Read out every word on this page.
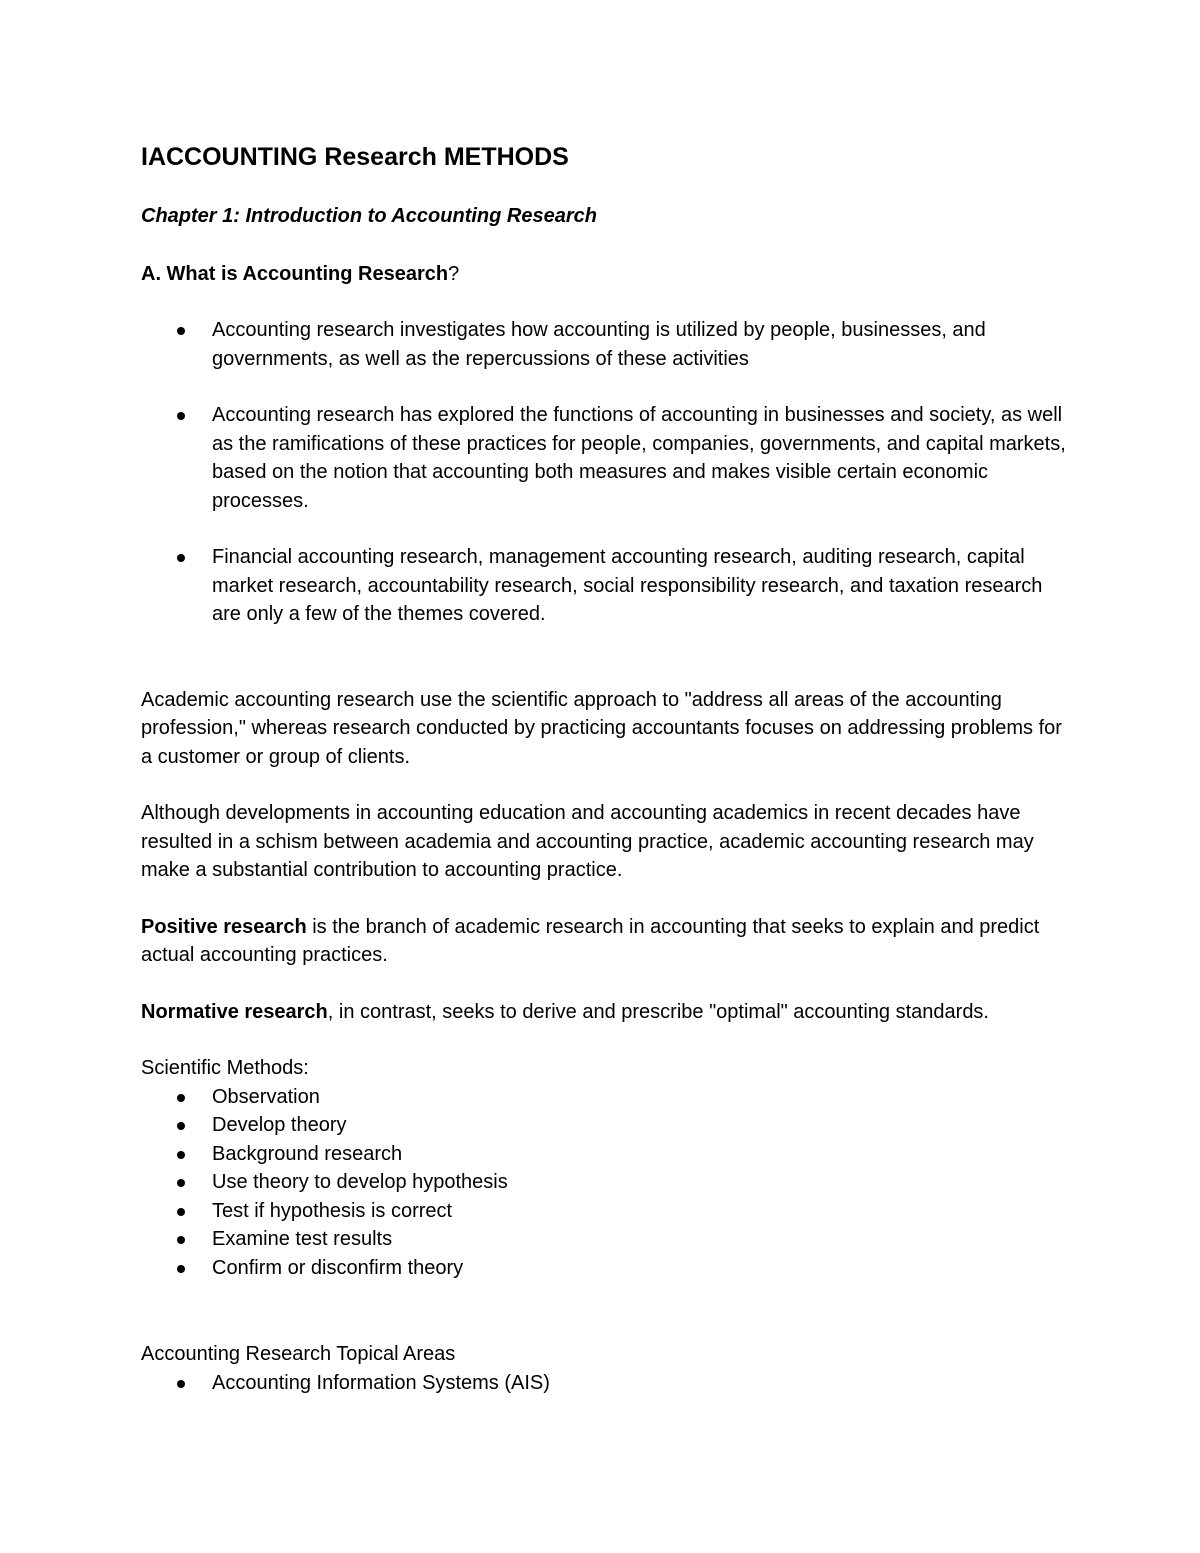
IACCOUNTING Research METHODS
Chapter 1: Introduction to Accounting Research
A. What is Accounting Research?
Accounting research investigates how accounting is utilized by people, businesses, and governments, as well as the repercussions of these activities
Accounting research has explored the functions of accounting in businesses and society, as well as the ramifications of these practices for people, companies, governments, and capital markets, based on the notion that accounting both measures and makes visible certain economic processes.
Financial accounting research, management accounting research, auditing research, capital market research, accountability research, social responsibility research, and taxation research are only a few of the themes covered.

Academic accounting research use the scientific approach to "address all areas of the accounting profession," whereas research conducted by practicing accountants focuses on addressing problems for a customer or group of clients.

Although developments in accounting education and accounting academics in recent decades have resulted in a schism between academia and accounting practice, academic accounting research may make a substantial contribution to accounting practice.

Positive research is the branch of academic research in accounting that seeks to explain and predict actual accounting practices.

Normative research, in contrast, seeks to derive and prescribe "optimal" accounting standards.

Scientific Methods:
Observation
Develop theory
Background research
Use theory to develop hypothesis
Test if hypothesis is correct
Examine test results
Confirm or disconfirm theory
Accounting Research Topical Areas
Accounting Information Systems (AIS)
